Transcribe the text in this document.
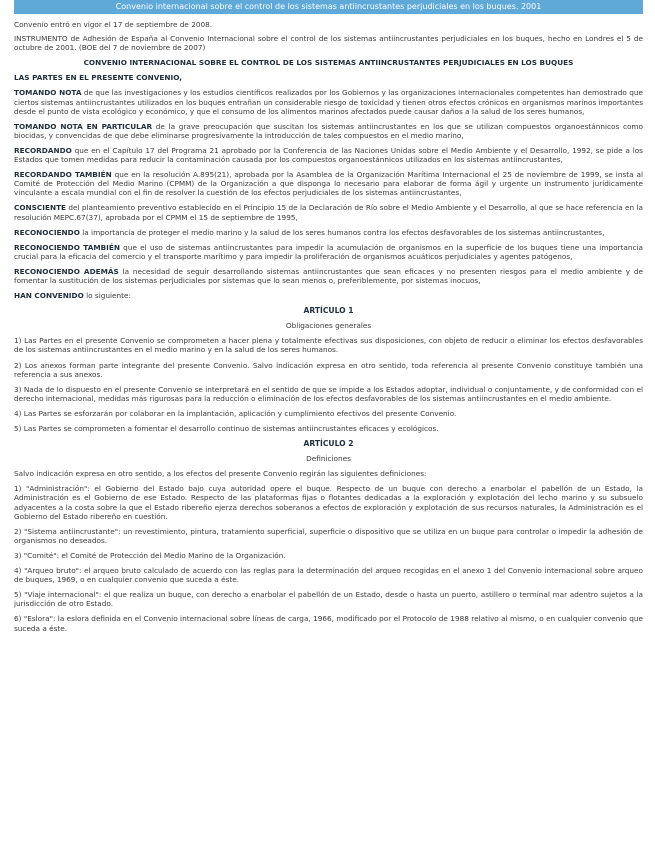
Convenio internacional sobre el control de los sistemas antiincrustantes perjudiciales en los buques. 2001

Convenio entró en vigor el 17 de septiembre de 2008.

INSTRUMENTO de Adhesión de España al Convenio Internacional sobre el control de los sistemas antiincrustantes perjudiciales en los buques, hecho en Londres el 5 de octubre de 2001. (BOE del 7 de noviembre de 2007)

CONVENIO INTERNACIONAL SOBRE EL CONTROL DE LOS SISTEMAS ANTIINCRUSTANTES PERJUDICIALES EN LOS BUQUES

LAS PARTES EN EL PRESENTE CONVENIO,

TOMANDO NOTA de que las investigaciones y los estudios científicos realizados por los Gobiernos y las organizaciones internacionales competentes han demostrado que ciertos sistemas antiincrustantes utilizados en los buques entrañan un considerable riesgo de toxicidad y tienen otros efectos crónicos en organismos marinos importantes desde el punto de vista ecológico y económico, y que el consumo de los alimentos marinos afectados puede causar daños a la salud de los seres humanos,

TOMANDO NOTA EN PARTICULAR de la grave preocupación que suscitan los sistemas antiincrustantes en los que se utilizan compuestos organoestánnicos como biocidas, y convencidas de que debe eliminarse progresivamente la introducción de tales compuestos en el medio marino,

RECORDANDO que en el Capítulo 17 del Programa 21 aprobado por la Conferencia de las Naciones Unidas sobre el Medio Ambiente y el Desarrollo, 1992, se pide a los Estados que tomen medidas para reducir la contaminación causada por los compuestos organoestánnicos utilizados en los sistemas antiincrustantes,

RECORDANDO TAMBIÉN que en la resolución A.895(21), aprobada por la Asamblea de la Organización Marítima Internacional el 25 de noviembre de 1999, se insta al Comité de Protección del Medio Marino (CPMM) de la Organización a que disponga lo necesario para elaborar de forma ágil y urgente un instrumento jurídicamente vinculante a escala mundial con el fin de resolver la cuestión de los efectos perjudiciales de los sistemas antiincrustantes,

CONSCIENTE del planteamiento preventivo establecido en el Principio 15 de la Declaración de Río sobre el Medio Ambiente y el Desarrollo, al que se hace referencia en la resolución MEPC.67(37), aprobada por el CPMM el 15 de septiembre de 1995,

RECONOCIENDO la importancia de proteger el medio marino y la salud de los seres humanos contra los efectos desfavorables de los sistemas antiincrustantes,

RECONOCIENDO TAMBIÉN que el uso de sistemas antiincrustantes para impedir la acumulación de organismos en la superficie de los buques tiene una importancia crucial para la eficacia del comercio y el transporte marítimo y para impedir la proliferación de organismos acuáticos perjudiciales y agentes patógenos,

RECONOCIENDO ADEMÁS la necesidad de seguir desarrollando sistemas antiincrustantes que sean eficaces y no presenten riesgos para el medio ambiente y de fomentar la sustitución de los sistemas perjudiciales por sistemas que lo sean menos o, preferiblemente, por sistemas inocuos,

HAN CONVENIDO lo siguiente:

ARTÍCULO 1

Obligaciones generales

1) Las Partes en el presente Convenio se comprometen a hacer plena y totalmente efectivas sus disposiciones, con objeto de reducir o eliminar los efectos desfavorables de los sistemas antiincrustantes en el medio marino y en la salud de los seres humanos.

2) Los anexos forman parte integrante del presente Convenio. Salvo indicación expresa en otro sentido, toda referencia al presente Convenio constituye también una referencia a sus anexos.

3) Nada de lo dispuesto en el presente Convenio se interpretará en el sentido de que se impide a los Estados adoptar, individual o conjuntamente, y de conformidad con el derecho internacional, medidas más rigurosas para la reducción o eliminación de los efectos desfavorables de los sistemas antiincrustantes en el medio ambiente.

4) Las Partes se esforzarán por colaborar en la implantación, aplicación y cumplimiento efectivos del presente Convenio.

5) Las Partes se comprometen a fomentar el desarrollo continuo de sistemas antiincrustantes eficaces y ecológicos.

ARTÍCULO 2

Definiciones

Salvo indicación expresa en otro sentido, a los efectos del presente Convenio regirán las siguientes definiciones:

1) "Administración": el Gobierno del Estado bajo cuya autoridad opere el buque. Respecto de un buque con derecho a enarbolar el pabellón de un Estado, la Administración es el Gobierno de ese Estado. Respecto de las plataformas fijas o flotantes dedicadas a la exploración y explotación del lecho marino y su subsuelo adyacentes a la costa sobre la que el Estado ribereño ejerza derechos soberanos a efectos de exploración y explotación de sus recursos naturales, la Administración es el Gobierno del Estado ribereño en cuestión.

2) "Sistema antiincrustante": un revestimiento, pintura, tratamiento superficial, superficie o dispositivo que se utiliza en un buque para controlar o impedir la adhesión de organismos no deseados.

3) "Comité": el Comité de Protección del Medio Marino de la Organización.

4) "Arqueo bruto": el arqueo bruto calculado de acuerdo con las reglas para la determinación del arqueo recogidas en el anexo 1 del Convenio internacional sobre arqueo de buques, 1969, o en cualquier convenio que suceda a éste.

5) "Viaje internacional": el que realiza un buque, con derecho a enarbolar el pabellón de un Estado, desde o hasta un puerto, astillero o terminal mar adentro sujetos a la jurisdicción de otro Estado.

6) "Eslora": la eslora definida en el Convenio internacional sobre líneas de carga, 1966, modificado por el Protocolo de 1988 relativo al mismo, o en cualquier convenio que suceda a éste.
